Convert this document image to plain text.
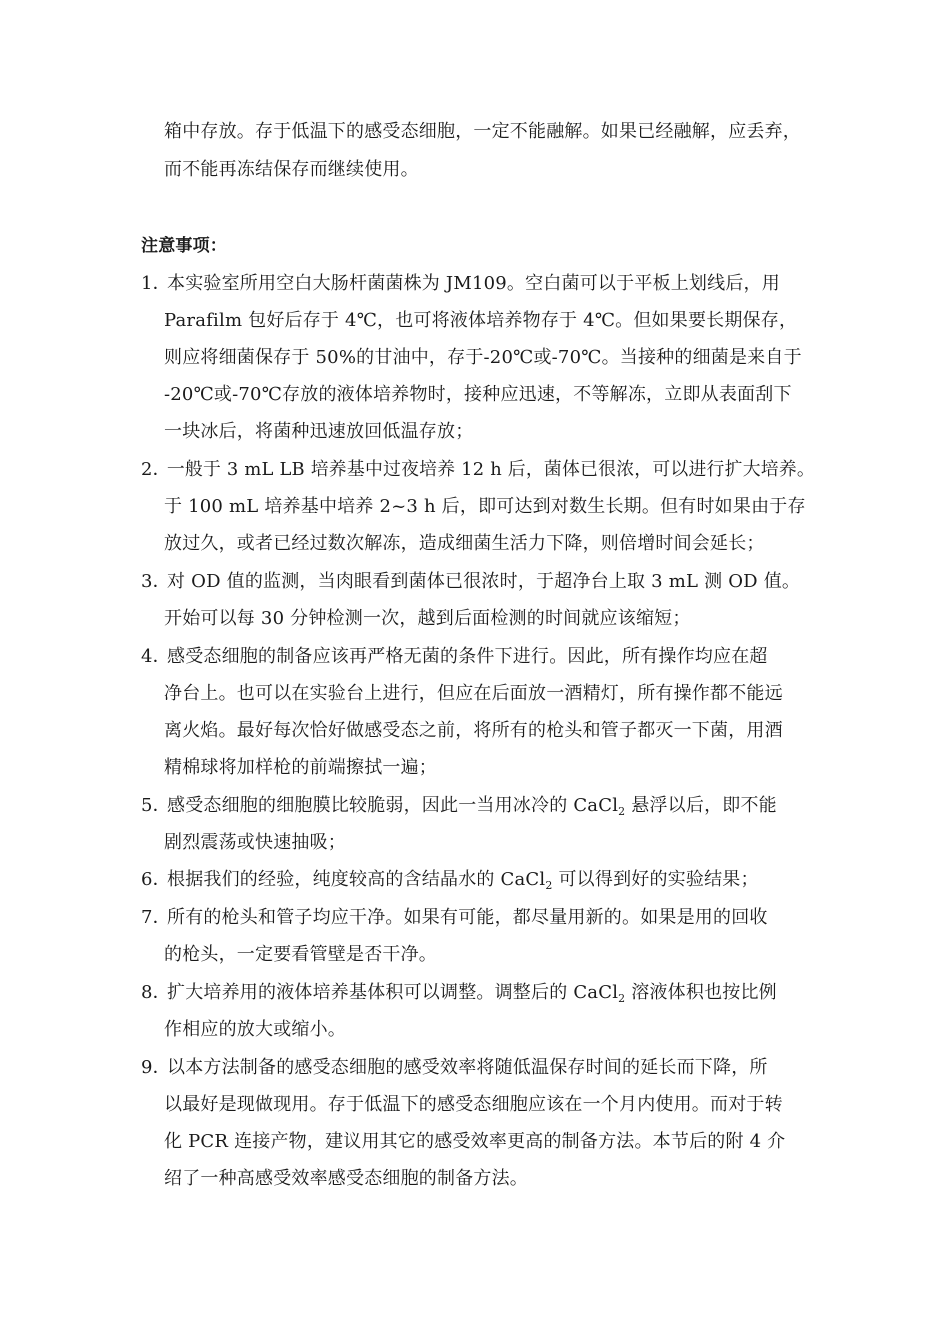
箱中存放。存于低温下的感受态细胞，一定不能融解。如果已经融解，应丢弃，
而不能再冻结保存而继续使用。
注意事项：
1．本实验室所用空白大肠杆菌菌株为 JM109。空白菌可以于平板上划线后，用
Parafilm 包好后存于 4℃，也可将液体培养物存于 4℃。但如果要长期保存，
则应将细菌保存于 50%的甘油中，存于-20℃或-70℃。当接种的细菌是来自于
-20℃或-70℃存放的液体培养物时，接种应迅速，不等解冻，立即从表面刮下
一块冰后，将菌种迅速放回低温存放；
2．一般于 3 mL LB 培养基中过夜培养 12 h 后，菌体已很浓，可以进行扩大培养。
于 100 mL 培养基中培养 2~3 h 后，即可达到对数生长期。但有时如果由于存
放过久，或者已经过数次解冻，造成细菌生活力下降，则倍增时间会延长；
3．对 OD 值的监测，当肉眼看到菌体已很浓时，于超净台上取 3 mL 测 OD 值。
开始可以每 30 分钟检测一次，越到后面检测的时间就应该缩短；
4．感受态细胞的制备应该再严格无菌的条件下进行。因此，所有操作均应在超
净台上。也可以在实验台上进行，但应在后面放一酒精灯，所有操作都不能远
离火焰。最好每次恰好做感受态之前，将所有的枪头和管子都灭一下菌，用酒
精棉球将加样枪的前端擦拭一遍；
5．感受态细胞的细胞膜比较脆弱，因此一当用冰冷的 CaCl$_2$ 悬浮以后，即不能
剧烈震荡或快速抽吸；
6．根据我们的经验，纯度较高的含结晶水的 CaCl$_2$ 可以得到好的实验结果；
7．所有的枪头和管子均应干净。如果有可能，都尽量用新的。如果是用的回收
的枪头，一定要看管壁是否干净。
8．扩大培养用的液体培养基体积可以调整。调整后的 CaCl$_2$ 溶液体积也按比例
作相应的放大或缩小。
9．以本方法制备的感受态细胞的感受效率将随低温保存时间的延长而下降，所
以最好是现做现用。存于低温下的感受态细胞应该在一个月内使用。而对于转
化 PCR 连接产物，建议用其它的感受效率更高的制备方法。本节后的附 4 介
绍了一种高感受效率感受态细胞的制备方法。
